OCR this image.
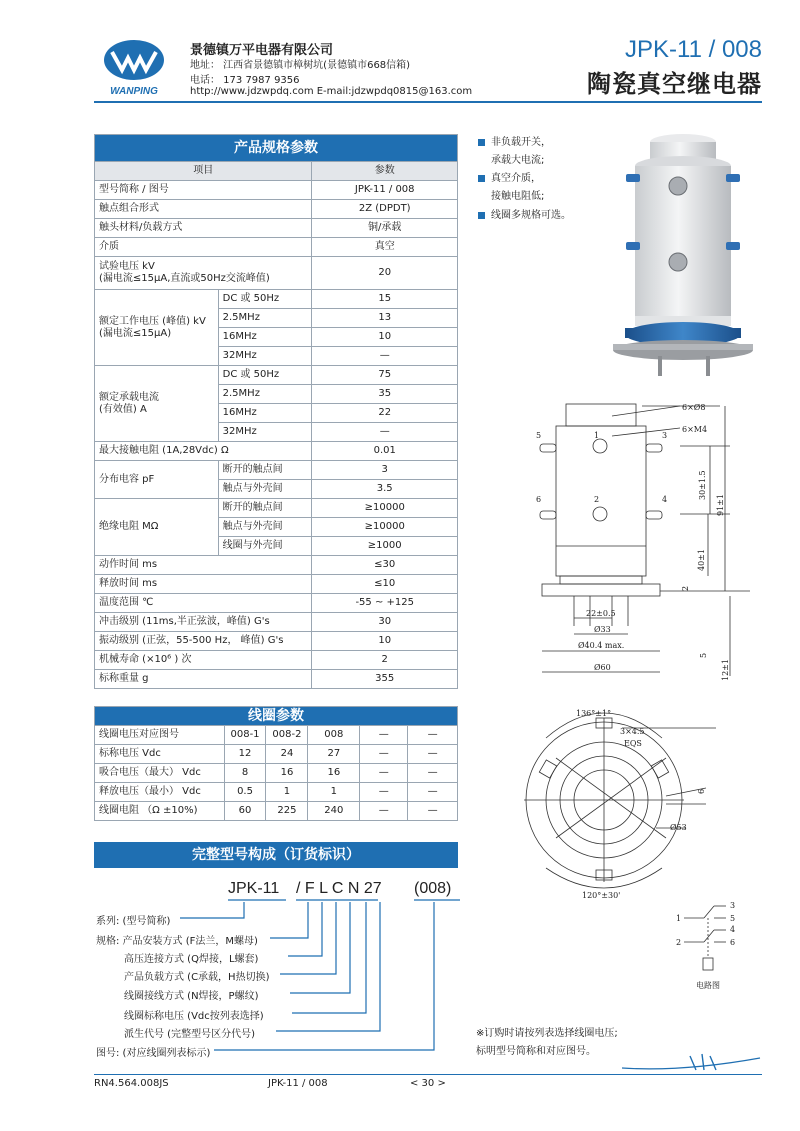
WANPING
景德镇万平电器有限公司
地址： 江西省景德镇市樟树坑(景德镇市668信箱)
电话： 173 7987 9356
http://www.jdzwpdq.com E-mail:jdzwpdq0815@163.com
JPK-11 / 008
陶瓷真空继电器
产品规格参数		
项目		参数
型号简称 / 图号		JPK-11 / 008
触点组合形式		2Z (DPDT)
触头材料/负载方式		铜/承载
介质		真空

试验电压 kV
(漏电流≤15μA,直流或50Hz交流峰值)		20

额定工作电压 (峰值) kV
(漏电流≤15μA)	DC 或 50Hz	15
	2.5MHz	13
	16MHz	10
	32MHz	—

额定承载电流
(有效值) A	DC 或 50Hz	75
	2.5MHz	35
	16MHz	22
	32MHz	—
最大接触电阻 (1A,28Vdc) Ω		0.01
分布电容 pF	断开的触点间	3
	触点与外壳间	3.5
绝缘电阻 MΩ	断开的触点间	≥10000
	触点与外壳间	≥10000
	线圈与外壳间	≥1000
动作时间 ms		≤30
释放时间 ms		≤10
温度范围 ℃		-55 ~ +125
冲击级别 (11ms,半正弦波，峰值) G's		30
振动级别 (正弦，55-500 Hz， 峰值) G's		10
机械寿命 (×10⁶ ) 次		2
标称重量 g		355
线圈参数					
线圈电压对应图号	008-1	008-2	008	—	—
标称电压 Vdc	12	24	27	—	—
吸合电压（最大） Vdc	8	16	16	—	—
释放电压（最小） Vdc	0.5	1	1	—	—
线圈电阻 （Ω ±10%)	60	225	240	—	—
完整型号构成（订货标识）
JPK-11 / F L C N 27 (008)
系列: (型号简称)
规格: 产品安装方式 (F法兰，M螺母)
高压连接方式 (Q焊接，L螺套)
产品负载方式 (C承载，H热切换)
线圈接线方式 (N焊接，P螺纹)
线圈标称电压 (Vdc按列表选择)
派生代号 (完整型号区分代号)
图号: (对应线圈列表标示)
非负载开关，
承载大电流;
真空介质，
接触电阻低;
线圈多规格可选。
6×Ø8
6×M4
5	1	3
6	2	4	30±1.5
91±1
40±1
2
5
12±1
22±0.5
Ø33
Ø40.4 max.
Ø60
136°±1°
3×4.5
EQS
6
Ø53
120°±30'
3
5
1
4
6
2
电路图
※订购时请按列表选择线圈电压;
标明型号简称和对应图号。
RN4.564.008JS	JPK-11 / 008	< 30 >
